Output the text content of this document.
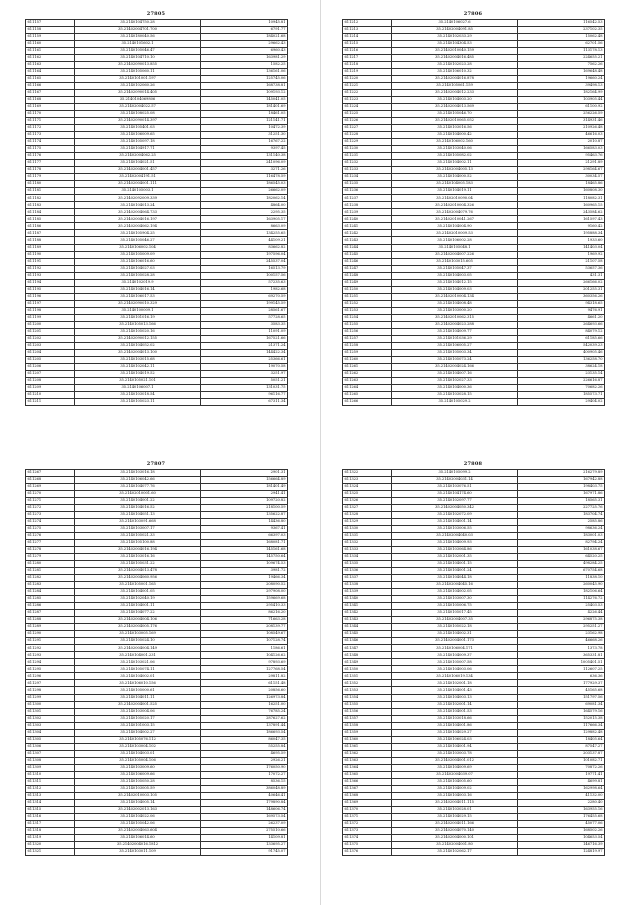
27805
611157	35.2140104750.28	10945.81
611158	35.21402004701.700	6791.77
611159	35.2140180040.56	184021.68
611160	35.2140101602.1	29662.43
611161	35.2140105046.47	6960.43
611162	35.2140104710.10	163981.29
611163	35.21402090013.855	1582.25
611164	35.2140105060.11	136161.06
611165	35.2140101001.197	125745.06
611166	35.2140102060.26	168738.81
611167	35.21402090014.405	109193.12
611168	35.2140104069806	145041.05
611169	35.21402004022.57	181401.69
611170	35.2140108025.08	18461.05
611171	35.21402090014.397	121141.71
611172	35.2140105401.03	10472.39
611173	35.2140106009.65	31251.30
611174	35.2140105097.18	16767.22
611175	35.2140104917.71	9397.45
611176	35.21402004062.25	131140.38
611177	35.2140104021.51	241096.09
611178	35.21402004001.457	3271.26
611179	35.21402004191.51	116478.59
611180	35.21402004001.111	186545.03
611181	35.2140105003.1	26662.09
611182	35.21402092009.339	182062.14
611183	35.2140104013.24	4864.00
611184	35.21402004064.733	2295.35
611185	35.21402004016.197	163905.17
611186	35.21402004062.194	8663.09
611187	35.2140105904.25	134255.65
611188	35.2140105046.27	44109.21
611189	35.2140106002.104	83662.82
611190	35.2140105009.09	197596.04
611191	35.2140106016.60	245537.04
611192	35.2140104027.03	16513.79
611193	35.2140105028.28	100157.56
611194	35.2140102019.9	57235.63
611195	35.2140104016.14	1982.68
611196	35.2140106017.53	69270.59
611197	35.21402090010.329	199145.59
611198	35.2140100009.1	28561.67
611199	35.2140101016.19	57728.65
611200	35.2140105013.166	3583.35
611201	35.2140105020.16	11091.09
611202	35.21402090012.155	167521.66
611203	35.2140104052.02	21371.24
611204	35.21402004013.100	144422.34
611205	35.2140103015.68	25366.61
611206	35.2140102042.11	19070.58
611207	35.2140104019.52	3251.97
611208	35.2140105021.101	5051.21
611209	35.2140106007.1	131031.75
611210	35.2140103018.54	96116.77
611211	35.2140105023.11	67311.34
27806
611212	35.2140106027.6	116542.53
611213	35.21402004091.85	237102.35
611214	35.2140102033.29	15062.48
611215	35.2140104304.53	62701.56
611216	35.21402010040.159	113178.13
611217	35.21402004016.485	224655.21
611218	35.2140102023.28	7562.26
611219	35.2140106010.32	169648.48
611220	35.21402004016.878	19660.24
611221	35.2140105061.159	39498.13
611222	35.21402004012.233	182164.99
611223	35.2140104003.20	103905.44
611224	35.21402004013.569	61100.92
611225	35.2140105046.70	256226.59
611226	35.21402010065.052	314931.46
611227	35.2140103016.56	210926.48
611228	35.2140104000.42	46616.03
611229	35.2140106002.160	2010.87
611230	35.2140103040.06	166583.03
611231	35.2140105082.02	95463.76
611232	35.2140104002.11	21291.89
611233	35.21402004005.13	298164.67
611234	35.2140104000.52	30034.57
611235	35.2140104005.183	18465.86
611236	35.2140104019.11	160808.30
611237	35.21402010090.04	118082.31
611238	35.21402010004.326	160965.15
611239	35.21402004079.76	243584.62
611240	35.21402010041.267	161597.43
611241	35.2140104004.90	9160.42
611242	35.21402010009.53	195888.34
611243	35.2140106002.28	1933.60
611244	35.2140105048.1	141403.04
611245	35.21402004007.226	1969.92
611246	35.2140103015.605	21107.58
611247	35.2140105047.37	53657.36
611248	35.2140104003.05	431.31
611249	35.2140104012.15	266166.02
611250	35.2140104009.03	201255.31
611251	35.21402010004.134	360356.26
611252	35.2140104008.48	94318.65
611253	35.2140103000.20	9476.91
611254	35.21402010062.315	4661.20
611255	35.21402004023.288	264693.66
611256	35.2140104009.77	84079.12
611257	35.2140101036.29	61185.66
611258	35.2140106005.27	542039.23
611259	35.2140105003.34	400905.46
611260	35.2140105073.24	136258.70
611261	35.21402004024.166	38624.18
611262	35.2140104007.16	23135.14
611263	35.2140102027.33	226616.87
611264	35.2140104000.36	70682.26
611265	35.2140103028.15	185573.71
611266	35.2140105029.2	29404.02
27807
611267	35.2140103016.18	2901.31
611268	35.2140106042.66	156664.89
611269	35.2140104077.76	181401.49
611270	35.21402010001.60	2941.41
611271	35.2140104001.22	109720.82
611272	35.2140104016.52	218100.59
611273	35.2140104051.13	135622.87
611274	35.2140103091.668	14436.80
611275	35.2140103007.17	9367.41
611276	35.2140105021.33	66397.03
611277	35.2140105100.88	168081.71
611278	35.21402004016.194	145161.68
611279	35.2140103016.16	145750.64
611280	35.2140105031.22	109674.53
611281	35.21402004013.478	3981.72
611282	35.21402004060.956	19466.34
611283	35.2140105001.165	208090.52
611284	35.2140104001.05	297908.00
611285	35.2140102040.19	159669.68
611286	35.2140104001.11	295410.33
611287	35.2140104077.22	86216.20
611288	35.21402004004.106	71663.28
611289	35.21402004005.176	208139.77
611290	35.2140103005.169	108549.67
611291	35.2140105024.10	107128.74
611292	35.21402004004.149	1186.61
611293	35.2140104001.231	104126.62
611294	35.2140103021.06	97893.69
611295	35.2140105074.11	127768.54
611296	35.2140104002.01	29811.82
611297	35.2140106010.156	61151.48
611298	35.2140105000.61	20856.60
611299	35.2140104011.11	126973.84
611300	35.21402004001.525	16251.00
611301	35.2140103004.06	76785.24
611302	35.2140105020.17	287627.62
611303	35.2140101003.15	137891.44
611304	35.2140104002.27	186693.54
611305	35.2140105076.112	86047.35
611306	35.2140103004.102	55255.84
611307	35.2140104003.01	4695.59
611308	35.2140105004.106	2926.21
611309	35.2140103009.60	176050.90
611310	35.2140106009.66	17072.27
611311	35.2140105050.28	8536.15
611312	35.2140103005.59	386048.89
611313	35.21402010003.105	40646.41
611314	35.2140104005.14	179890.84
611315	35.21402002013.163	148606.74
611316	35.2140104022.06	169573.54
611317	35.2140105042.06	26237.09
611318	35.21402004063.604	275510.66
611319	35.2140106014.60	14109.81
611320	35.21402004016.1812	133695.27
611321	35.2140103011.109	91745.07
27808
611322	35.2140105099.2	216279.89
611323	35.21402004031.14	167942.88
611324	35.2140103076.51	198403.75
611325	35.2140104174.60	167971.86
611326	35.2140102097.77	18565.31
611327	35.21402004050.342	227725.76
611328	35.2140102072.09	183704.74
611329	35.2140104001.14	2585.86
611330	35.2140103006.55	98636.24
611331	35.21402004040.03	183001.03
611332	35.2140104009.93	82794.24
611333	35.2140103064.86	161038.67
611334	35.2140102001.35	64520.25
611335	35.2140104001.15	498284.25
611336	35.2140104001.24	670754.68
611337	35.2140104044.18	11838.10
611338	35.21402004045.16	260045.90
611339	35.2140104002.05	182106.64
611340	35.2140103007.30	114276.72
611341	35.2140105006.75	25403.53
611342	35.2140105017.45	4226.44
611343	35.21402004007.35	296875.38
611344	35.2140105022.18	295251.27
611345	35.2140104002.31	23162.98
611346	35.21402004001.173	46668.26
611347	35.2140106004.171	1373.78
611348	35.2140104009.37	365331.81
611349	35.2140105007.58	1005401.51
611350	35.2140104003.06	112607.25
611351	35.2140106019.134	636.36
611352	35.2140102001.18	177929.37
611353	35.2140104001.43	45165.68
611354	35.2140104003.13	151797.56
611355	35.2140102001.14	69081.34
611356	35.2140104001.53	164579.16
611357	35.2140103018.66	152015.38
611358	35.2140104001.86	117666.34
611359	35.2140104029.27	129882.48
611360	35.2140106024.03	18405.64
611361	35.2140104001.94	87547.27
611362	35.2140103003.78	203137.87
611363	35.21402004001.012	101082.71
611364	35.2140104009.69	70872.26
611365	35.21402004039.07	19771.41
611366	35.2140104005.60	4699.81
611367	35.2140104009.02	162998.64
611368	35.2140104003.16	41132.00
611369	35.21402004011.115	2280.40
611370	35.2140103028.01	163955.16
611371	35.2140104029.15	176455.68
611372	35.21402004011.166	45077.06
611373	35.21402004070.140	168502.26
611374	35.21402004000.101	104653.54
611375	35.21402004001.80	146716.39
611376	35.2140102062.17	124819.97
